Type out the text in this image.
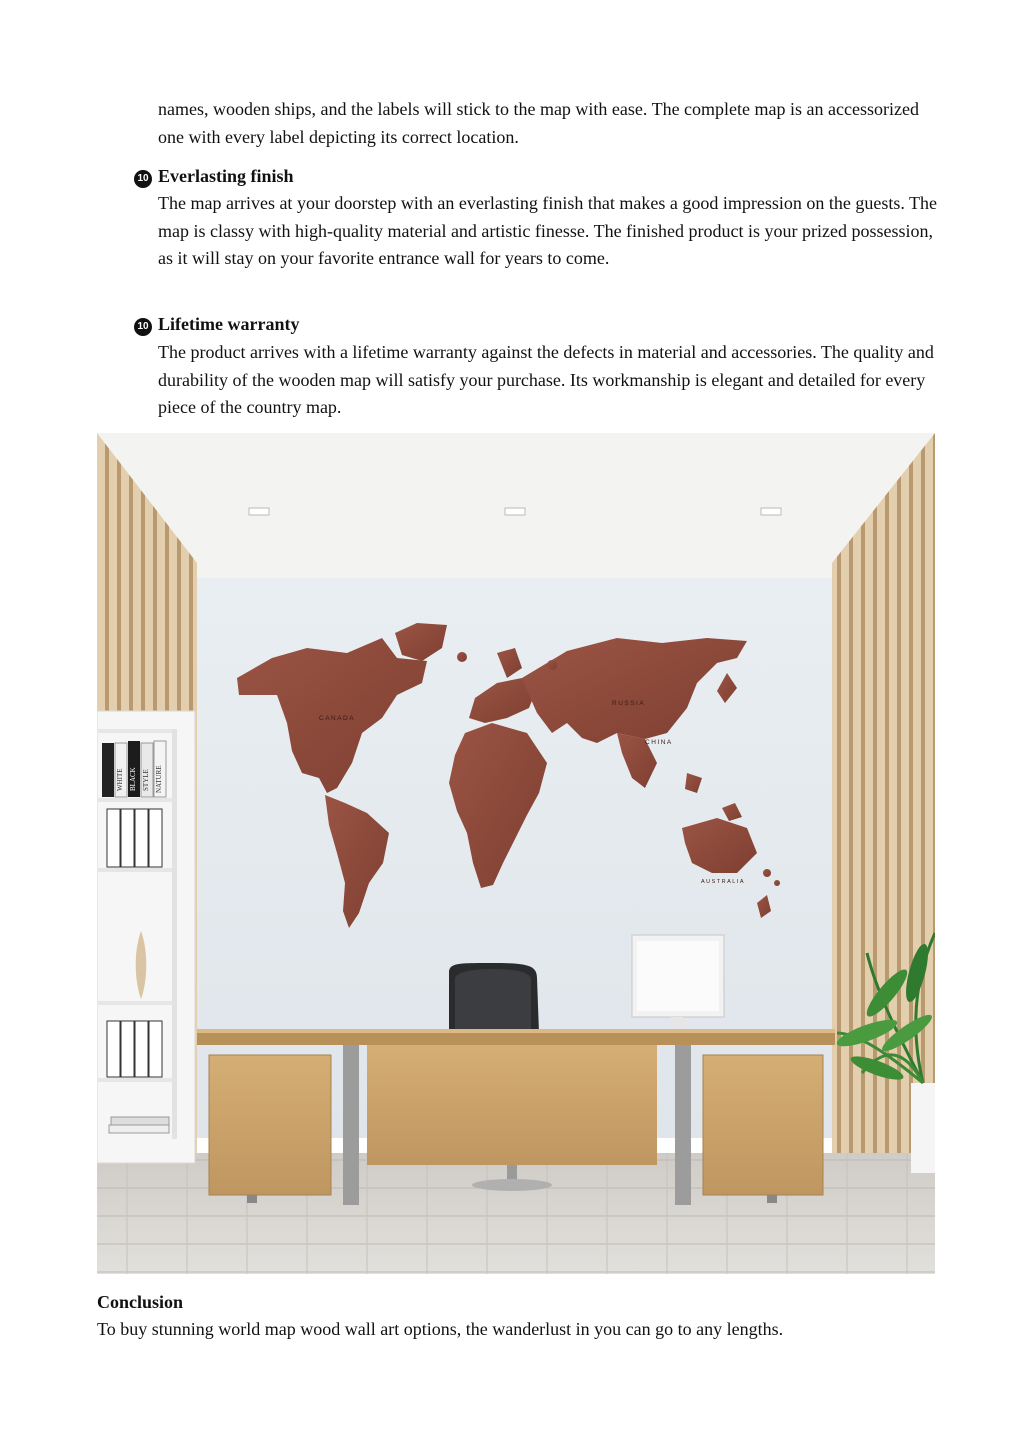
names, wooden ships, and the labels will stick to the map with ease. The complete map is an accessorized one with every label depicting its correct location.

10 Everlasting finish

The map arrives at your doorstep with an everlasting finish that makes a good impression on the guests. The map is classy with high-quality material and artistic finesse. The finished product is your prized possession, as it will stay on your favorite entrance wall for years to come.

10 Lifetime warranty

The product arrives with a lifetime warranty against the defects in material and accessories. The quality and durability of the wooden map will satisfy your purchase. Its workmanship is elegant and detailed for every piece of the country map.

WHITE BLACK STYLE NATURE
CANADA
RUSSIA
CHINA
AUSTRALIA

Conclusion

To buy stunning world map wood wall art options, the wanderlust in you can go to any lengths.
